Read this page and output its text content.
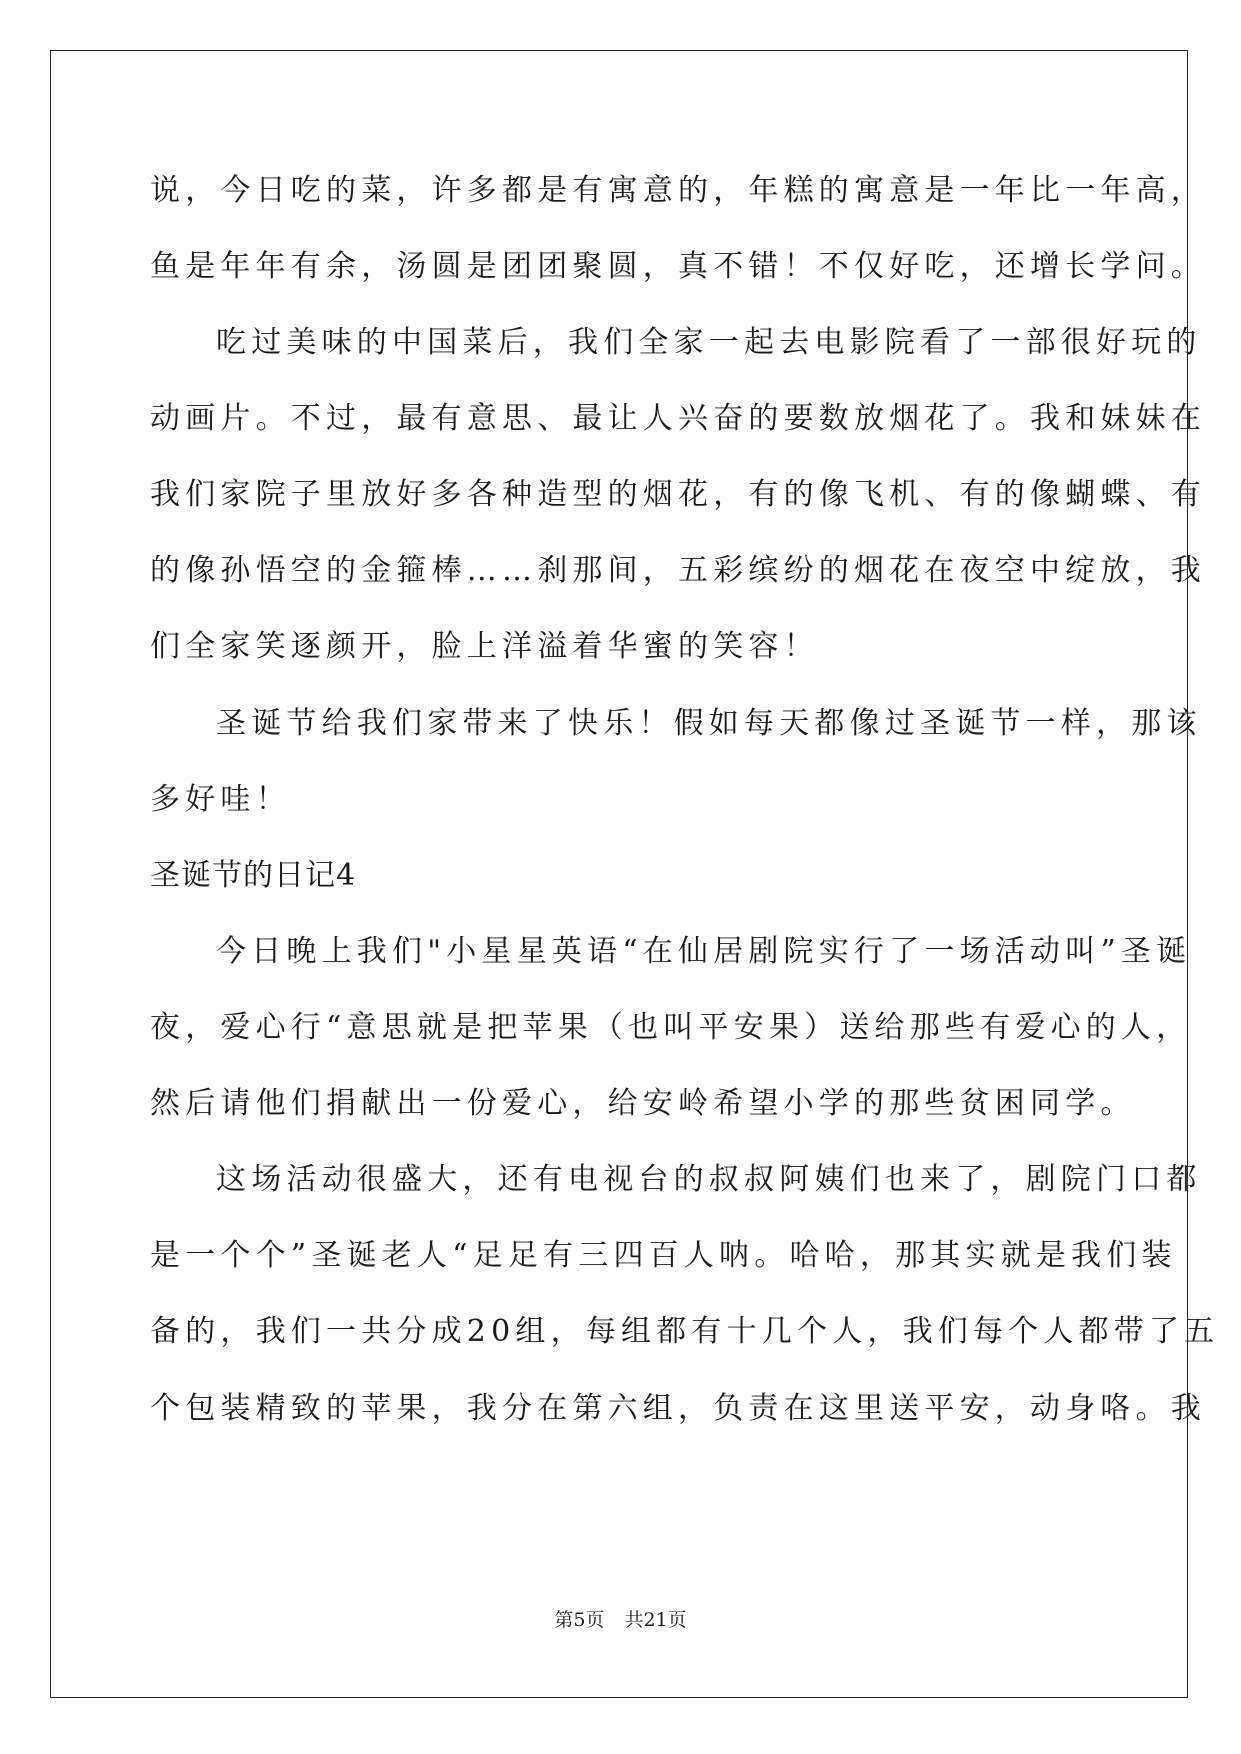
说，今日吃的菜，许多都是有寓意的，年糕的寓意是一年比一年高，
鱼是年年有余，汤圆是团团聚圆，真不错！不仅好吃，还增长学问。
吃过美味的中国菜后，我们全家一起去电影院看了一部很好玩的
动画片。不过，最有意思、最让人兴奋的要数放烟花了。我和妹妹在
我们家院子里放好多各种造型的烟花，有的像飞机、有的像蝴蝶、有
的像孙悟空的金箍棒……刹那间，五彩缤纷的烟花在夜空中绽放，我
们全家笑逐颜开，脸上洋溢着华蜜的笑容！
圣诞节给我们家带来了快乐！假如每天都像过圣诞节一样，那该
多好哇！
圣诞节的日记4
今日晚上我们"小星星英语“在仙居剧院实行了一场活动叫”圣诞
夜，爱心行“意思就是把苹果（也叫平安果）送给那些有爱心的人，
然后请他们捐献出一份爱心，给安岭希望小学的那些贫困同学。
这场活动很盛大，还有电视台的叔叔阿姨们也来了，剧院门口都
是一个个”圣诞老人“足足有三四百人呐。哈哈，那其实就是我们装
备的，我们一共分成20组，每组都有十几个人，我们每个人都带了五
个包装精致的苹果，我分在第六组，负责在这里送平安，动身咯。我
第5页 共21页
